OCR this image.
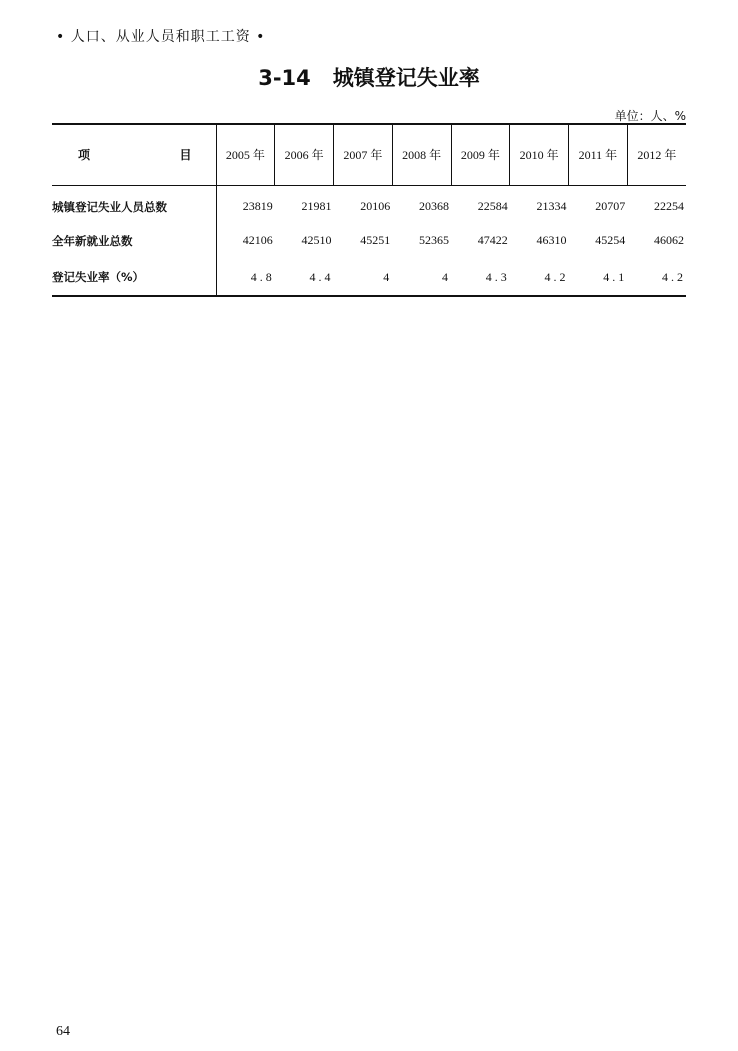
• 人口、从业人员和职工工资 •
3-14 城镇登记失业率
单位：人、%
项 目	2005 年	2006 年	2007 年	2008 年	2009 年	2010 年	2011 年	2012 年
城镇登记失业人员总数	23819	21981	20106	20368	22584	21334	20707	22254
全年新就业总数	42106	42510	45251	52365	47422	46310	45254	46062
登记失业率（%）	4.8	4.4	4	4	4.3	4.2	4.1	4.2
64
